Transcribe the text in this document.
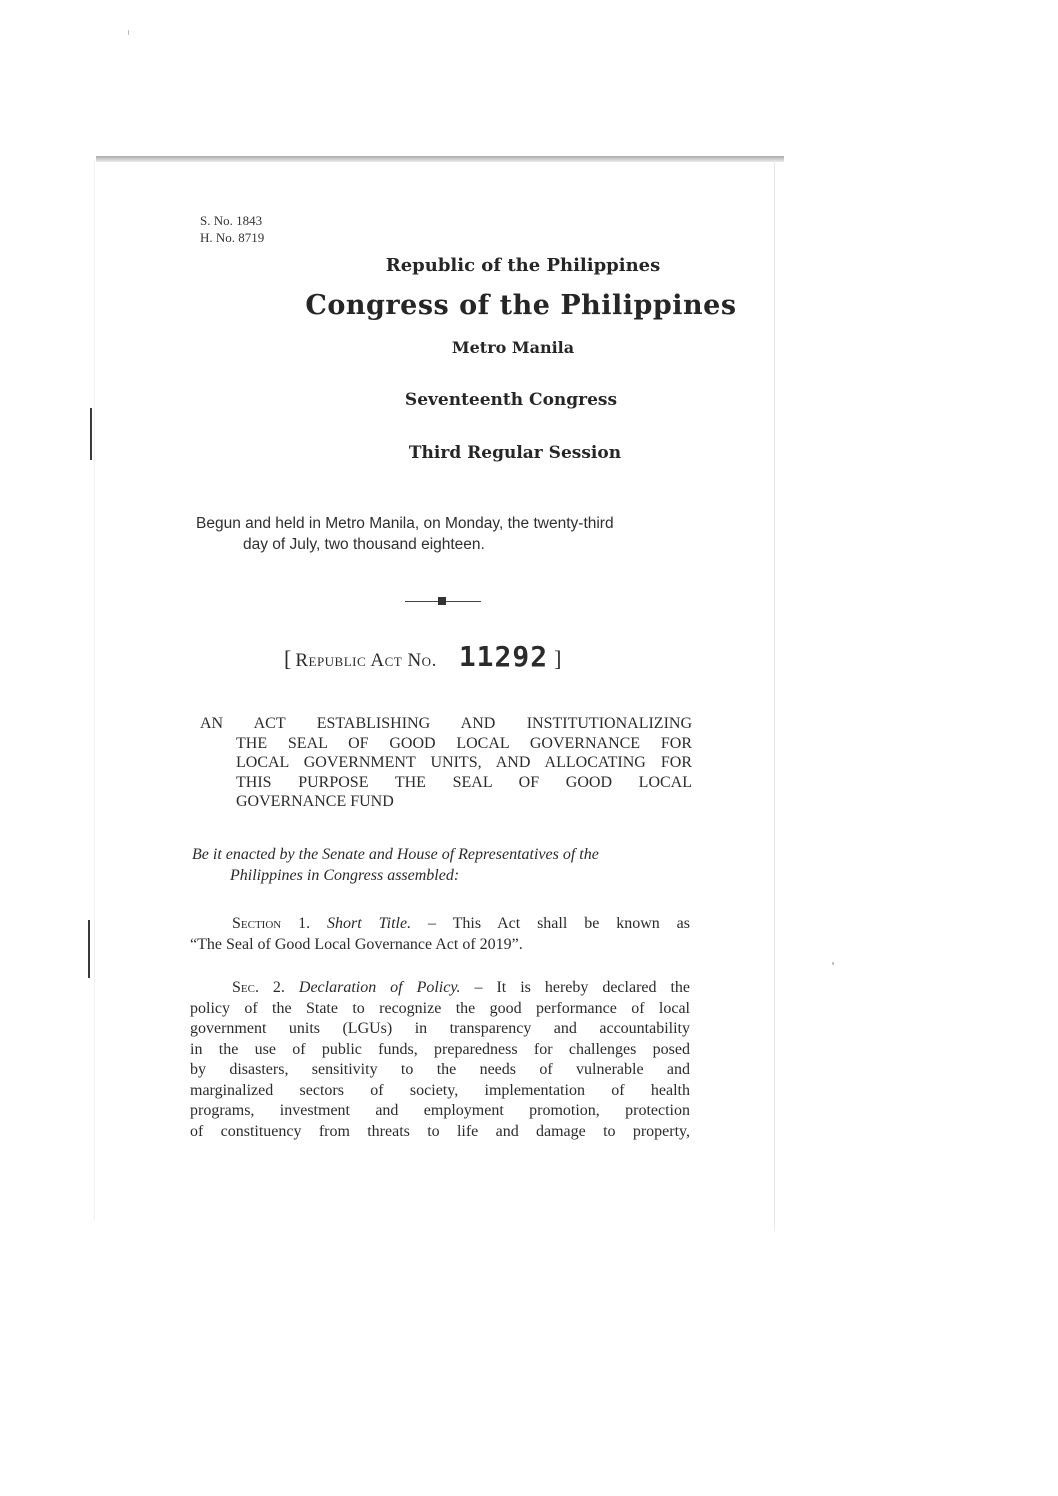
S. No. 1843
H. No. 8719
Republic of the Philippines
Congress of the Philippines
Metro Manila
Seventeenth Congress
Third Regular Session
Begun and held in Metro Manila, on Monday, the twenty-third
day of July, two thousand eighteen.
[ Republic Act No. 11292 ]
AN ACT ESTABLISHING AND INSTITUTIONALIZING
THE SEAL OF GOOD LOCAL GOVERNANCE FOR
LOCAL GOVERNMENT UNITS, AND ALLOCATING FOR
THIS PURPOSE THE SEAL OF GOOD LOCAL
GOVERNANCE FUND
Be it enacted by the Senate and House of Representatives of the
Philippines in Congress assembled:
Section 1. Short Title. – This Act shall be known as
“The Seal of Good Local Governance Act of 2019”.
Sec. 2. Declaration of Policy. – It is hereby declared the
policy of the State to recognize the good performance of local
government units (LGUs) in transparency and accountability
in the use of public funds, preparedness for challenges posed
by disasters, sensitivity to the needs of vulnerable and
marginalized sectors of society, implementation of health
programs, investment and employment promotion, protection
of constituency from threats to life and damage to property,
